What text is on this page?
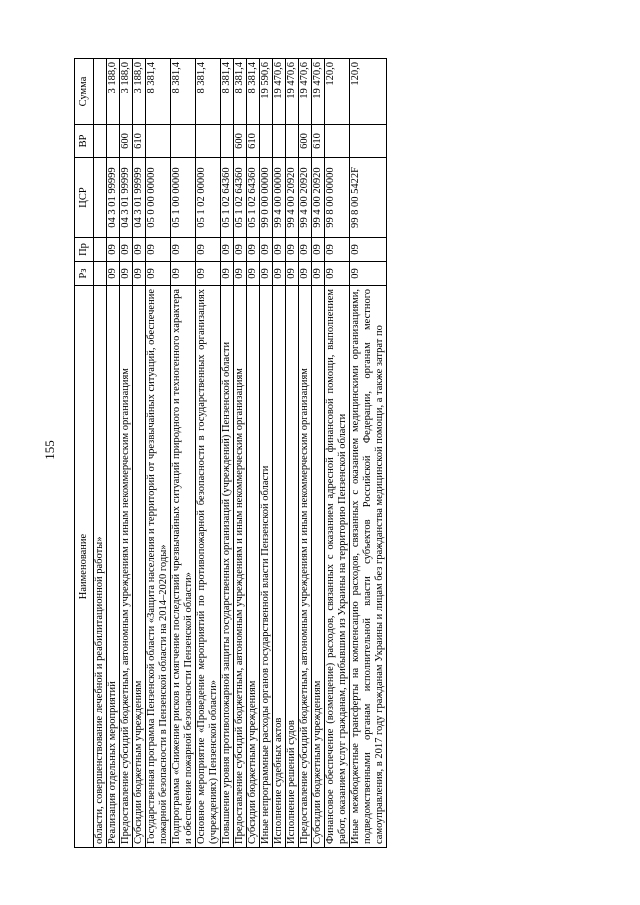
155
Наименование	Рз	Пр	ЦСР	ВР	Сумма
области, совершенствование лечебной и реабилитационной работы»					
Реализация отдельных мероприятий	09	09	04 3 01 99999		3 188,0
Предоставление субсидий бюджетным, автономным учреждениям и иным некоммерческим организациям	09	09	04 3 01 99999	600	3 188,0
Субсидии бюджетным учреждениям	09	09	04 3 01 99999	610	3 188,0
Государственная программа Пензенской области «Защита населения и территорий от чрезвычайных ситуаций, обеспечение пожарной безопасности в Пензенской области на 2014–2020 годы»	09	09	05 0 00 00000		8 381,4
Подпрограмма «Снижение рисков и смягчение последствий чрезвычайных ситуаций природного и техногенного характера и обеспечение пожарной безопасности Пензенской области»	09	09	05 1 00 00000		8 381,4
Основное мероприятие «Проведение мероприятий по противопожарной безопасности в государственных организациях (учреждениях) Пензенской области»	09	09	05 1 02 00000		8 381,4
Повышение уровня противопожарной защиты государственных организаций (учреждений) Пензенской области	09	09	05 1 02 64360		8 381,4
Предоставление субсидий бюджетным, автономным учреждениям и иным некоммерческим организациям	09	09	05 1 02 64360	600	8 381,4
Субсидии бюджетным учреждениям	09	09	05 1 02 64360	610	8 381,4
Иные непрограммные расходы органов государственной власти Пензенской области	09	09	99 0 00 00000		19 590,6
Исполнение судебных актов	09	09	99 4 00 00000		19 470,6
Исполнение решений судов	09	09	99 4 00 20920		19 470,6
Предоставление субсидий бюджетным, автономным учреждениям и иным некоммерческим организациям	09	09	99 4 00 20920	600	19 470,6
Субсидии бюджетным учреждениям	09	09	99 4 00 20920	610	19 470,6
Финансовое обеспечение (возмещение) расходов, связанных с оказанием адресной финансовой помощи, выполнением работ, оказанием услуг гражданам, прибывшим из Украины на территорию Пензенской области	09	09	99 8 00 00000		120,0
Иные межбюджетные трансферты на компенсацию расходов, связанных с оказанием медицинскими организациями, подведомственными органам исполнительной власти субъектов Российской Федерации, органам местного самоуправления, в 2017 году гражданам Украины и лицам без гражданства медицинской помощи, а также затрат по	09	09	99 8 00 5422F		120,0
